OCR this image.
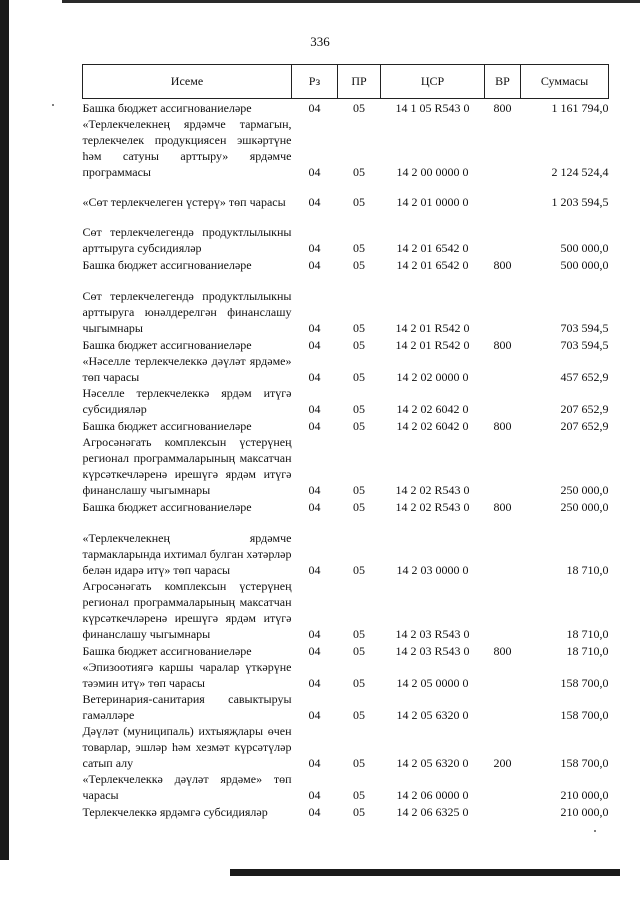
336
Исеме	Рз	ПР	ЦСР	ВР	Суммасы
Башка бюджет ассигнованиеләре	04	05	14 1 05 R543 0	800	1 161 794,0
«Терлекчелекнең ярдәмче тармагын, терлекчелек продукциясен эшкәртүне һәм сатуны арттыру» ярдәмче программасы	04	05	14 2 00 0000 0		2 124 524,4
«Сөт терлекчелеген үстерү» төп чарасы	04	05	14 2 01 0000 0		1 203 594,5
Сөт терлекчелегендә продуктлылыкны арттыруга субсидияләр	04	05	14 2 01 6542 0		500 000,0
Башка бюджет ассигнованиеләре	04	05	14 2 01 6542 0	800	500 000,0
Сөт терлекчелегендә продуктлылыкны арттыруга юнәлдерелгән финанслашу чыгымнары	04	05	14 2 01 R542 0		703 594,5
Башка бюджет ассигнованиеләре	04	05	14 2 01 R542 0	800	703 594,5
«Нәселле терлекчелеккә дәүләт ярдәме» төп чарасы	04	05	14 2 02 0000 0		457 652,9
Нәселле терлекчелеккә ярдәм итүгә субсидияләр	04	05	14 2 02 6042 0		207 652,9
Башка бюджет ассигнованиеләре	04	05	14 2 02 6042 0	800	207 652,9
Агросәнәгать комплексын үстерүнең регионал программаларының максатчан күрсәткечләренә ирешүгә ярдәм итүгә финанслашу чыгымнары	04	05	14 2 02 R543 0		250 000,0
Башка бюджет ассигнованиеләре	04	05	14 2 02 R543 0	800	250 000,0
«Терлекчелекнең ярдәмче тармакларында ихтимал булган хәтәрләр белән идарә итү» төп чарасы	04	05	14 2 03 0000 0		18 710,0
Агросәнәгать комплексын үстерүнең регионал программаларының максатчан күрсәткечләренә ирешүгә ярдәм итүгә финанслашу чыгымнары	04	05	14 2 03 R543 0		18 710,0
Башка бюджет ассигнованиеләре	04	05	14 2 03 R543 0	800	18 710,0
«Эпизоотиягә каршы чаралар үткәрүне тәэмин итү» төп чарасы	04	05	14 2 05 0000 0		158 700,0
Ветеринария-санитария савыктыруы гамәлләре	04	05	14 2 05 6320 0		158 700,0
Дәүләт (муниципаль) ихтыяҗлары өчен товарлар, эшләр һәм хезмәт күрсәтүләр сатып алу	04	05	14 2 05 6320 0	200	158 700,0
«Терлекчелеккә дәүләт ярдәме» төп чарасы	04	05	14 2 06 0000 0		210 000,0
Терлекчелеккә ярдәмгә субсидияләр	04	05	14 2 06 6325 0		210 000,0
